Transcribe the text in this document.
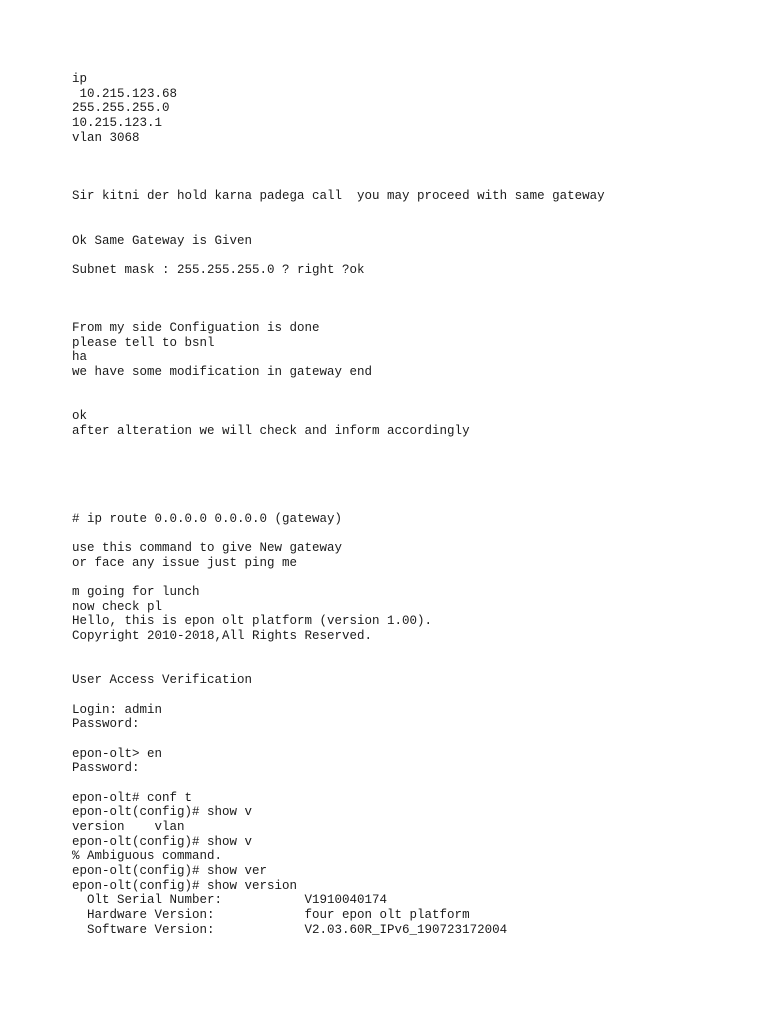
ip
10.215.123.68
255.255.255.0
10.215.123.1
vlan 3068
Sir kitni der hold karna padega call  you may proceed with same gateway
Ok Same Gateway is Given
Subnet mask : 255.255.255.0 ? right ?ok
From my side Configuation is done
please tell to bsnl
ha
we have some modification in gateway end
ok
after alteration we will check and inform accordingly
# ip route 0.0.0.0 0.0.0.0 (gateway)
use this command to give New gateway
or face any issue just ping me
m going for lunch
now check pl
Hello, this is epon olt platform (version 1.00).
Copyright 2010-2018,All Rights Reserved.
User Access Verification
Login: admin
Password:
epon-olt> en
Password:
epon-olt# conf t
epon-olt(config)# show v
version    vlan
epon-olt(config)# show v
% Ambiguous command.
epon-olt(config)# show ver
epon-olt(config)# show version
Olt Serial Number:           V1910040174
Hardware Version:            four epon olt platform
Software Version:            V2.03.60R_IPv6_190723172004
